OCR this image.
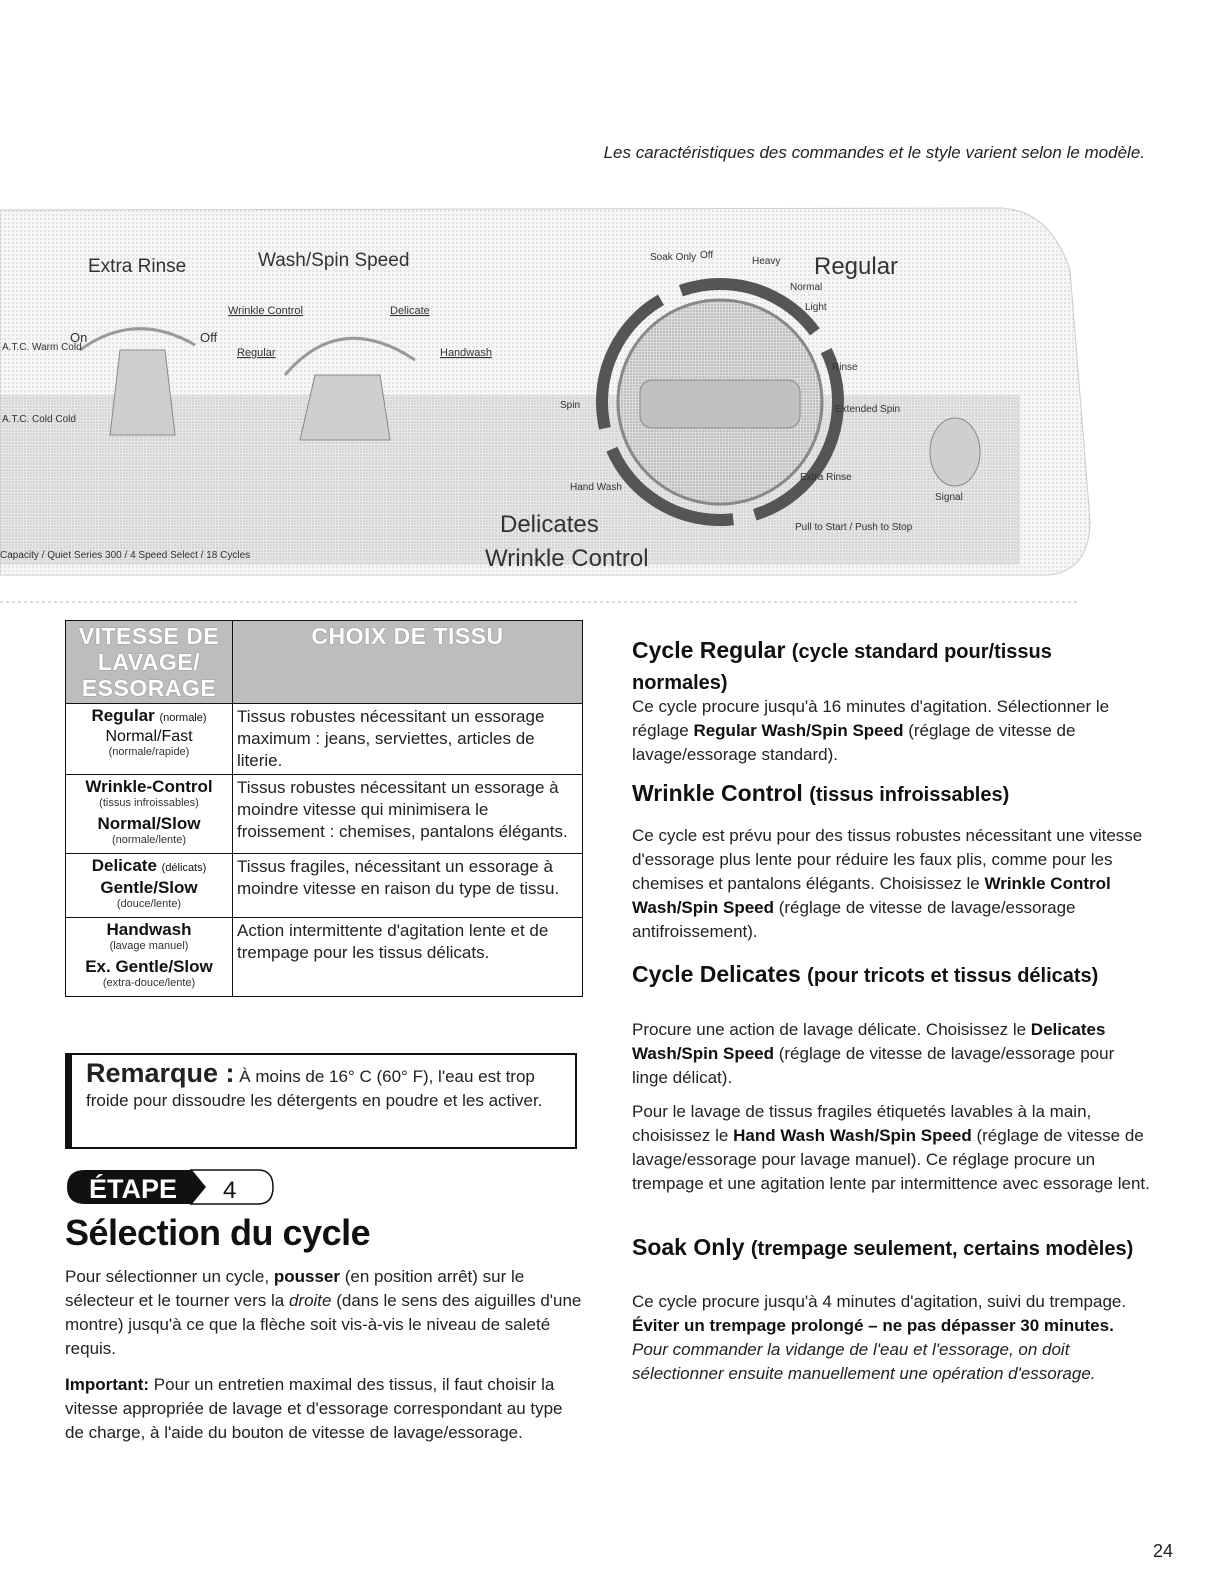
Les caractéristiques des commandes et le style varient selon le modèle.
Extra Rinse
On	Off
Wash/Spin Speed
Wrinkle Control	Delicate
Regular	Handwash
A.T.C. Warm Cold
A.T.C. Cold Cold
Regular
Delicates
Wrinkle Control
Soak Only Off
Heavy
Normal
Light
Rinse
Extended Spin
Extra Rinse
Spin
Hand Wash
Signal
Pull to Start / Push to Stop
Capacity / Quiet Series 300 / 4 Speed Select / 18 Cycles
VITESSE DE LAVAGE/ ESSORAGE	CHOIX DE TISSU

Regular (normale)
Normal/Fast
(normale/rapide)	Tissus robustes nécessitant un essorage maximum : jeans, serviettes, articles de literie.

Wrinkle-Control
(tissus infroissables)
Normal/Slow
(normale/lente)	Tissus robustes nécessitant un essorage à moindre vitesse qui minimisera le froissement : chemises, pantalons élégants.

Delicate (délicats)
Gentle/Slow
(douce/lente)	Tissus fragiles, nécessitant un essorage à moindre vitesse en raison du type de tissu.

Handwash
(lavage manuel)
Ex. Gentle/Slow
(extra-douce/lente)	Action intermittente d'agitation lente et de trempage pour les tissus délicats.
Remarque : À moins de 16° C (60° F), l'eau est trop froide pour dissoudre les détergents en poudre et les activer.
ÉTAPE 4
Sélection du cycle

Pour sélectionner un cycle, pousser (en position arrêt) sur le sélecteur et le tourner vers la droite (dans le sens des aiguilles d'une montre) jusqu'à ce que la flèche soit vis-à-vis le niveau de saleté requis.

Important: Pour un entretien maximal des tissus, il faut choisir la vitesse appropriée de lavage et d'essorage correspondant au type de charge, à l'aide du bouton de vitesse de lavage/essorage.

Cycle Regular (cycle standard pour/tissus normales)

Ce cycle procure jusqu'à 16 minutes d'agitation. Sélectionner le réglage Regular Wash/Spin Speed (réglage de vitesse de lavage/essorage standard).

Wrinkle Control (tissus infroissables)

Ce cycle est prévu pour des tissus robustes nécessitant une vitesse d'essorage plus lente pour réduire les faux plis, comme pour les chemises et pantalons élégants. Choisissez le Wrinkle Control Wash/Spin Speed (réglage de vitesse de lavage/essorage antifroissement).

Cycle Delicates (pour tricots et tissus délicats)

Procure une action de lavage délicate. Choisissez le Delicates Wash/Spin Speed (réglage de vitesse de lavage/essorage pour linge délicat).

Pour le lavage de tissus fragiles étiquetés lavables à la main, choisissez le Hand Wash Wash/Spin Speed (réglage de vitesse de lavage/essorage pour lavage manuel). Ce réglage procure un trempage et une agitation lente par intermittence avec essorage lent.

Soak Only (trempage seulement, certains modèles)

Ce cycle procure jusqu'à 4 minutes d'agitation, suivi du trempage. Éviter un trempage prolongé – ne pas dépasser 30 minutes. Pour commander la vidange de l'eau et l'essorage, on doit sélectionner ensuite manuellement une opération d'essorage.

24
